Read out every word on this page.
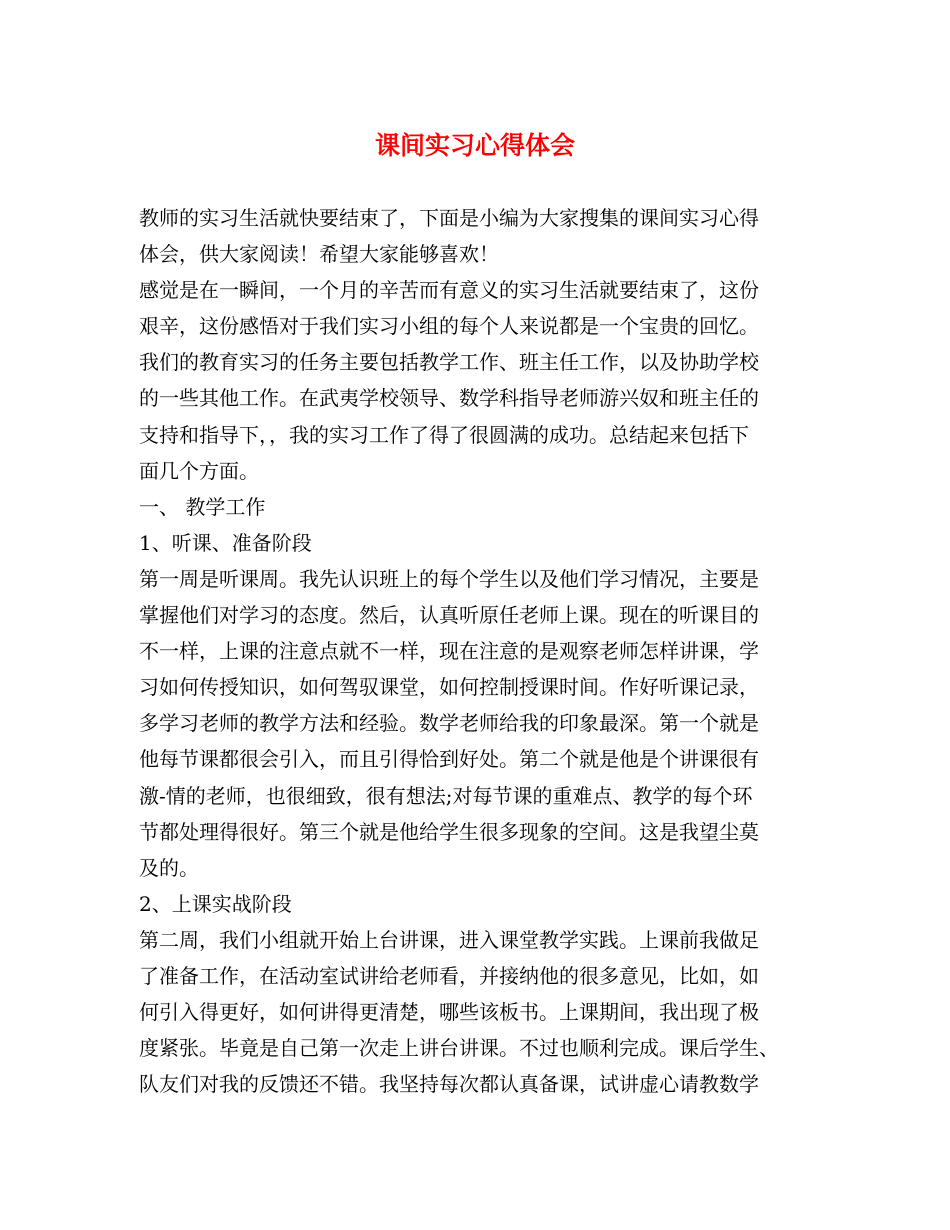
课间实习心得体会
教师的实习生活就快要结束了，下面是小编为大家搜集的课间实习心得
体会，供大家阅读！希望大家能够喜欢！
感觉是在一瞬间，一个月的辛苦而有意义的实习生活就要结束了，这份
艰辛，这份感悟对于我们实习小组的每个人来说都是一个宝贵的回忆。
我们的教育实习的任务主要包括教学工作、班主任工作，以及协助学校
的一些其他工作。在武夷学校领导、数学科指导老师游兴奴和班主任的
支持和指导下，，我的实习工作了得了很圆满的成功。总结起来包括下
面几个方面。
一、 教学工作
1、听课、准备阶段
第一周是听课周。我先认识班上的每个学生以及他们学习情况，主要是
掌握他们对学习的态度。然后，认真听原任老师上课。现在的听课目的
不一样，上课的注意点就不一样，现在注意的是观察老师怎样讲课，学
习如何传授知识，如何驾驭课堂，如何控制授课时间。作好听课记录，
多学习老师的教学方法和经验。数学老师给我的印象最深。第一个就是
他每节课都很会引入，而且引得恰到好处。第二个就是他是个讲课很有
激-情的老师，也很细致，很有想法;对每节课的重难点、教学的每个环
节都处理得很好。第三个就是他给学生很多现象的空间。这是我望尘莫
及的。
2、上课实战阶段
第二周，我们小组就开始上台讲课，进入课堂教学实践。上课前我做足
了准备工作，在活动室试讲给老师看，并接纳他的很多意见，比如，如
何引入得更好，如何讲得更清楚，哪些该板书。上课期间，我出现了极
度紧张。毕竟是自己第一次走上讲台讲课。不过也顺利完成。课后学生、
队友们对我的反馈还不错。我坚持每次都认真备课，试讲虚心请教数学
